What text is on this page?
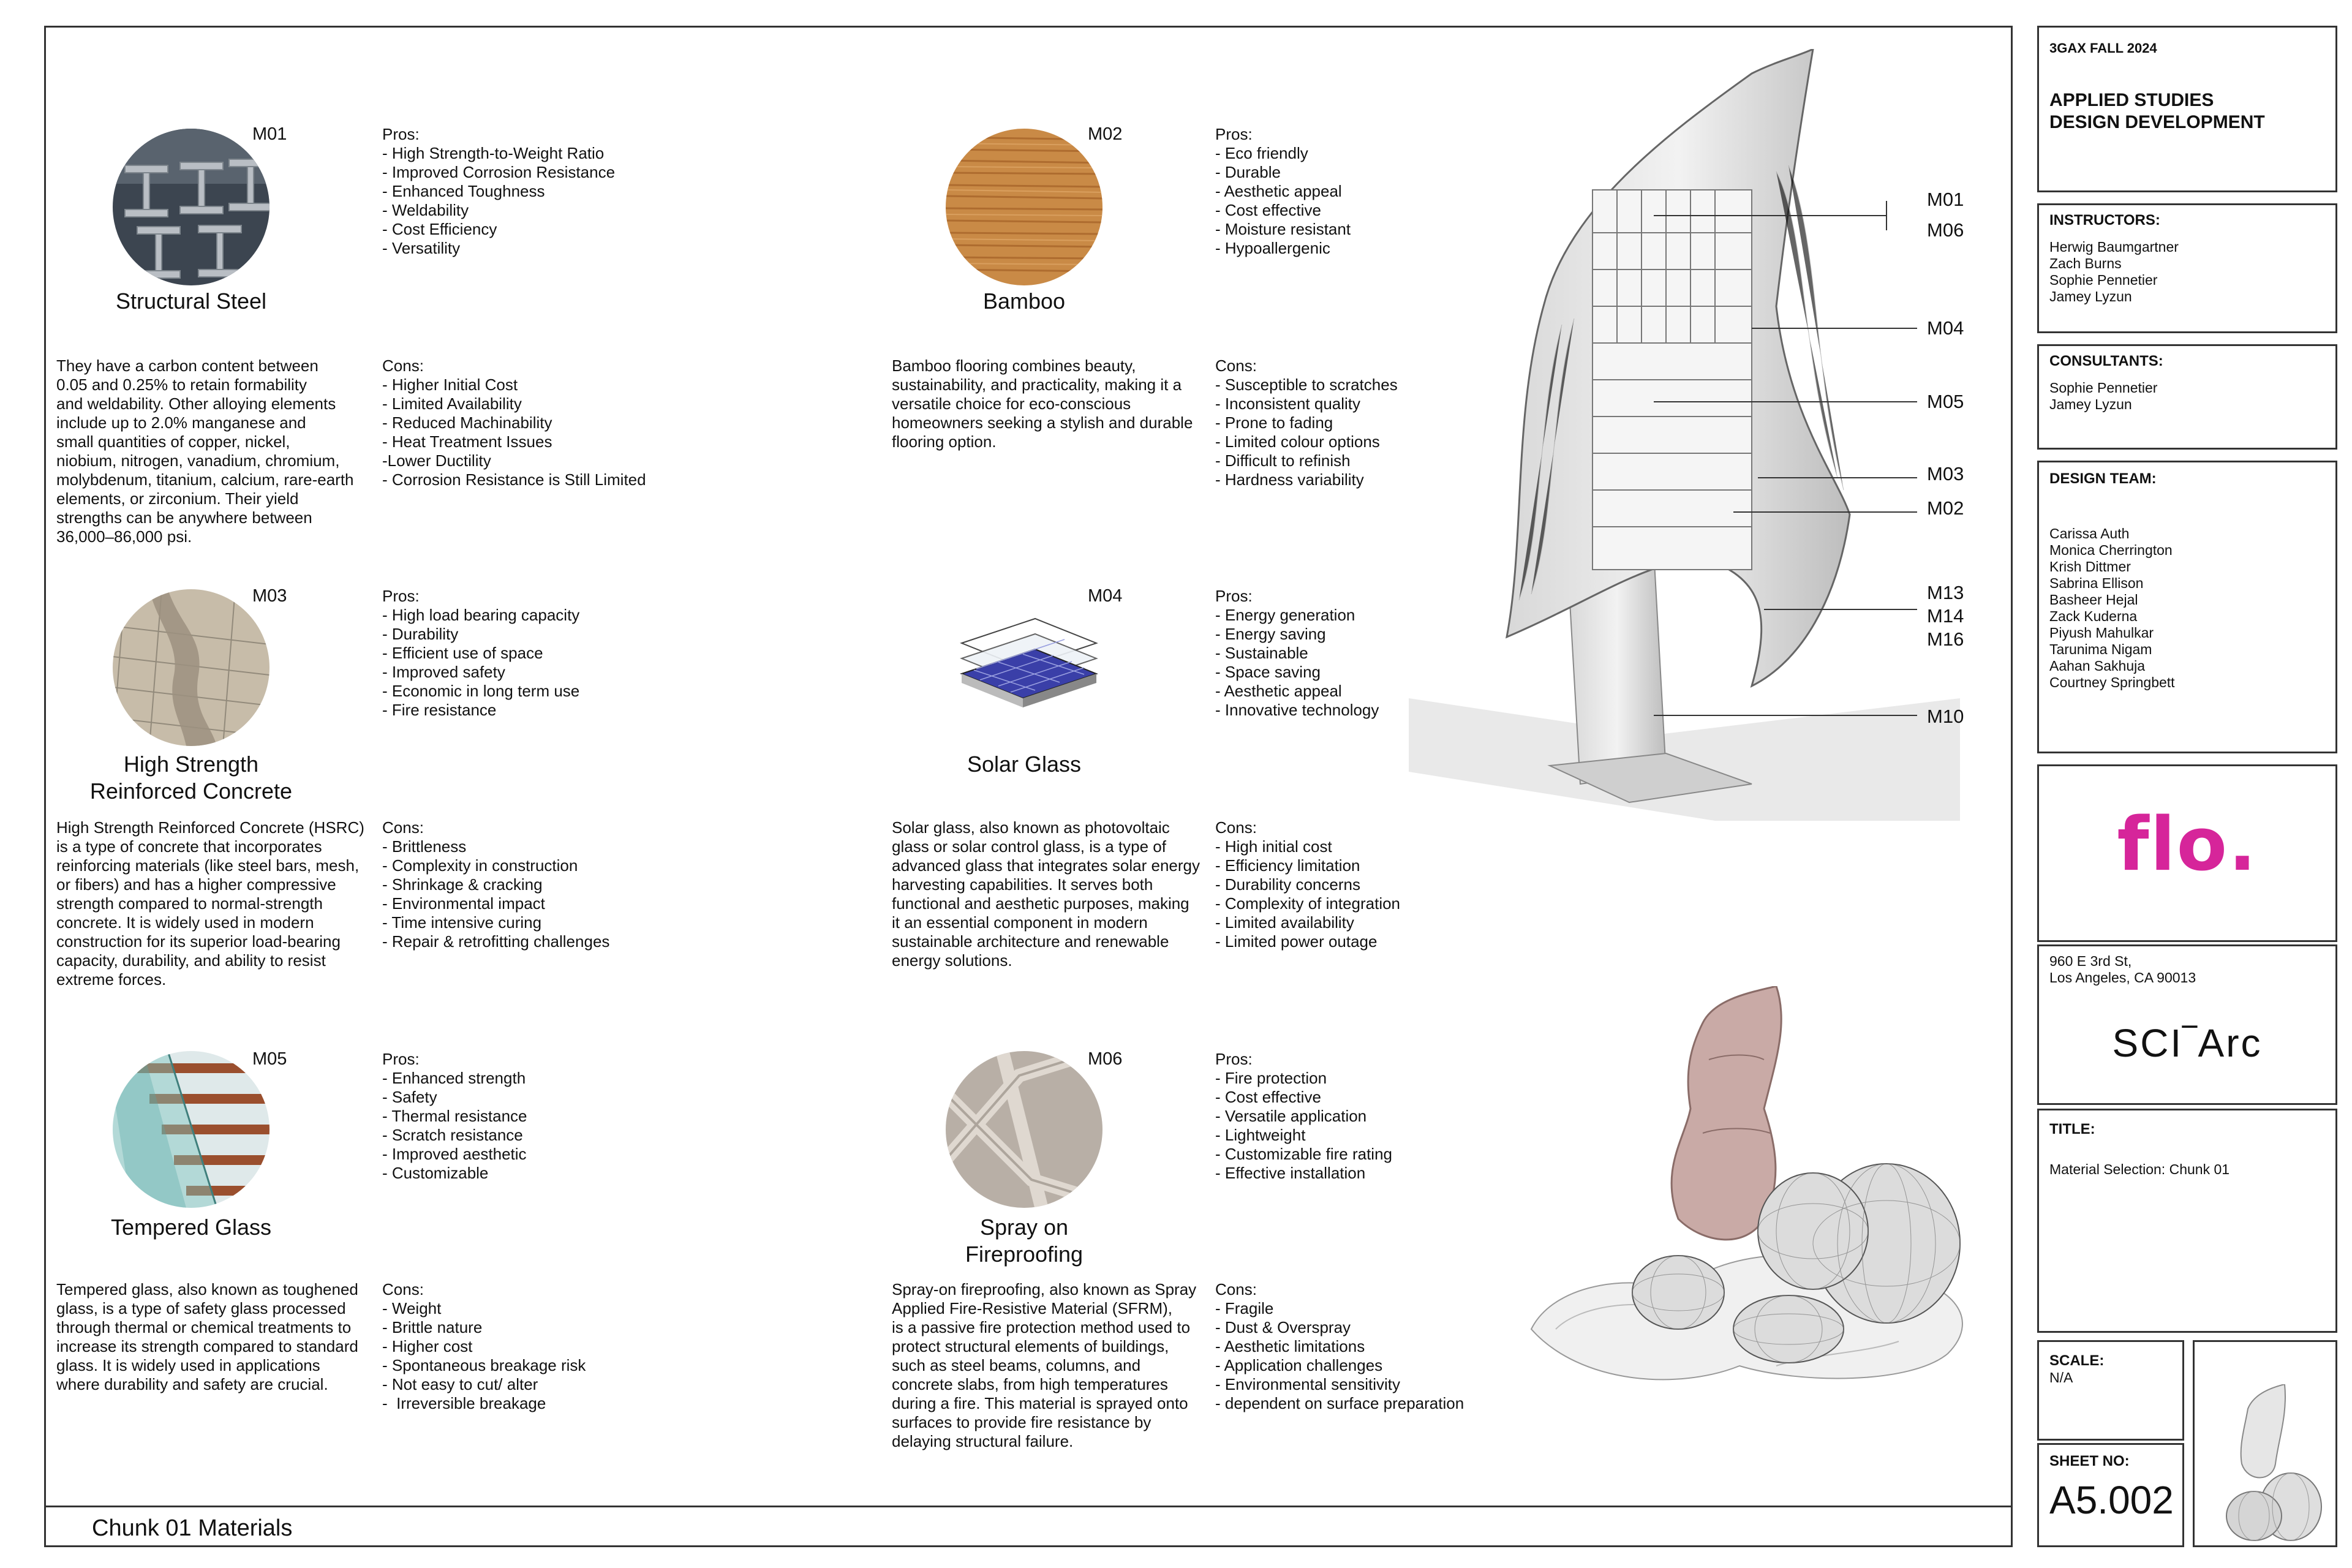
Chunk 01 Materials
M01
Structural Steel
Pros:
- High Strength-to-Weight Ratio
- Improved Corrosion Resistance
- Enhanced Toughness
- Weldability
- Cost Efficiency
- Versatility
Cons:
- Higher Initial Cost
- Limited Availability
- Reduced Machinability
- Heat Treatment Issues
-Lower Ductility
- Corrosion Resistance is Still Limited
They have a carbon content between
0.05 and 0.25% to retain formability
and weldability. Other alloying elements
include up to 2.0% manganese and
small quantities of copper, nickel,
niobium, nitrogen, vanadium, chromium,
molybdenum, titanium, calcium, rare-earth
elements, or zirconium. Their yield
strengths can be anywhere between
36,000–86,000 psi.
M02
Bamboo
Pros:
- Eco friendly
- Durable
- Aesthetic appeal
- Cost effective
- Moisture resistant
- Hypoallergenic
Cons:
- Susceptible to scratches
- Inconsistent quality
- Prone to fading
- Limited colour options
- Difficult to refinish
- Hardness variability
Bamboo flooring combines beauty,
sustainability, and practicality, making it a
versatile choice for eco-conscious
homeowners seeking a stylish and durable
flooring option.
M03
High Strength
Reinforced Concrete
Pros:
- High load bearing capacity
- Durability
- Efficient use of space
- Improved safety
- Economic in long term use
- Fire resistance
Cons:
- Brittleness
- Complexity in construction
- Shrinkage & cracking
- Environmental impact
- Time intensive curing
- Repair & retrofitting challenges
High Strength Reinforced Concrete (HSRC)
is a type of concrete that incorporates
reinforcing materials (like steel bars, mesh,
or fibers) and has a higher compressive
strength compared to normal-strength
concrete. It is widely used in modern
construction for its superior load-bearing
capacity, durability, and ability to resist
extreme forces.
M04
Solar Glass
Pros:
- Energy generation
- Energy saving
- Sustainable
- Space saving
- Aesthetic appeal
- Innovative technology
Cons:
- High initial cost
- Efficiency limitation
- Durability concerns
- Complexity of integration
- Limited availability
- Limited power outage
Solar glass, also known as photovoltaic
glass or solar control glass, is a type of
advanced glass that integrates solar energy
harvesting capabilities. It serves both
functional and aesthetic purposes, making
it an essential component in modern
sustainable architecture and renewable
energy solutions.
M05
Tempered Glass
Pros:
- Enhanced strength
- Safety
- Thermal resistance
- Scratch resistance
- Improved aesthetic
- Customizable
Cons:
- Weight
- Brittle nature
- Higher cost
- Spontaneous breakage risk
- Not easy to cut/ alter
-  Irreversible breakage
Tempered glass, also known as toughened
glass, is a type of safety glass processed
through thermal or chemical treatments to
increase its strength compared to standard
glass. It is widely used in applications
where durability and safety are crucial.
M06
Spray on
Fireproofing
Pros:
- Fire protection
- Cost effective
- Versatile application
- Lightweight
- Customizable fire rating
- Effective installation
Cons:
- Fragile
- Dust & Overspray
- Aesthetic limitations
- Application challenges
- Environmental sensitivity
- dependent on surface preparation
Spray-on fireproofing, also known as Spray
Applied Fire-Resistive Material (SFRM),
is a passive fire protection method used to
protect structural elements of buildings,
such as steel beams, columns, and
concrete slabs, from high temperatures
during a fire. This material is sprayed onto
surfaces to provide fire resistance by
delaying structural failure.
M01
M06
M04
M05
M03
M02
M13
M14
M16
M10
3GAX FALL 2024
APPLIED STUDIES
DESIGN DEVELOPMENT
INSTRUCTORS:
Herwig Baumgartner
Zach Burns
Sophie Pennetier
Jamey Lyzun
CONSULTANTS:
Sophie Pennetier
Jamey Lyzun
DESIGN TEAM:
Carissa Auth
Monica Cherrington
Krish Dittmer
Sabrina Ellison
Basheer Hejal
Zack Kuderna
Piyush Mahulkar
Tarunima Nigam
Aahan Sakhuja
Courtney Springbett
flo.
960 E 3rd St,
Los Angeles, CA 90013
SCI‾Arc
TITLE:
Material Selection: Chunk 01
SCALE:
N/A
SHEET NO:
A5.002
